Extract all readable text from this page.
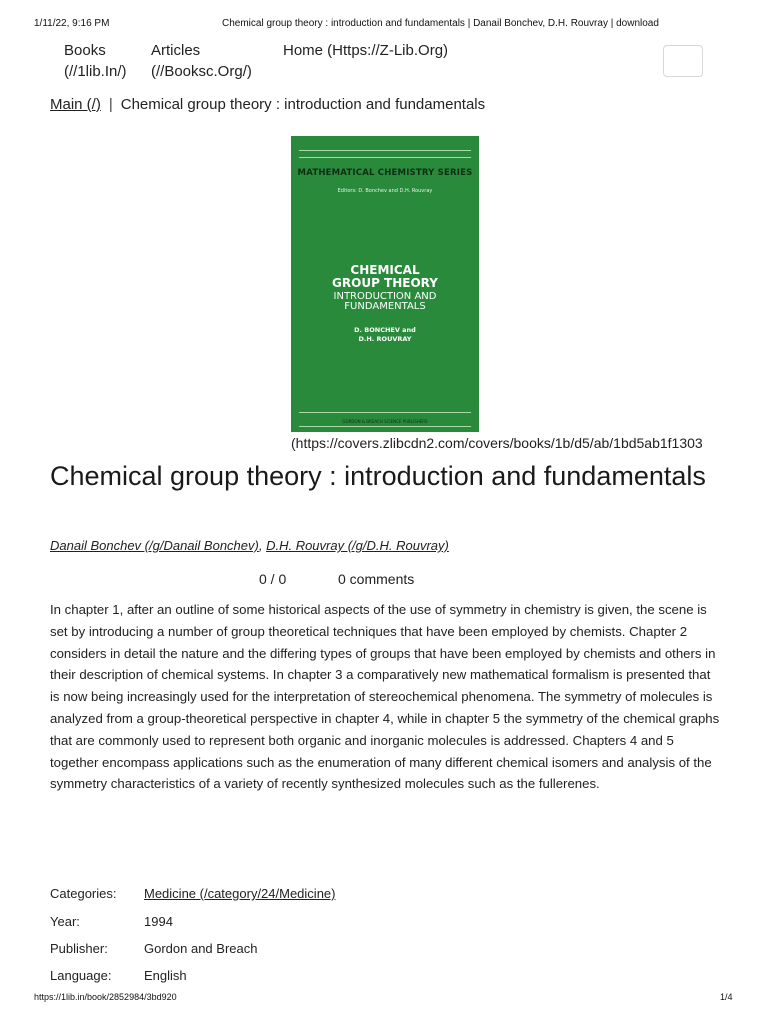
1/11/22, 9:16 PM	Chemical group theory : introduction and fundamentals | Danail Bonchev, D.H. Rouvray | download
Books
(//1lib.In/)
Articles
(//Booksc.Org/)
Home (Https://Z-Lib.Org)
Main (/) | Chemical group theory : introduction and fundamentals
MATHEMATICAL CHEMISTRY SERIES
Editors: D. Bonchev and D.H. Rouvray
CHEMICAL
GROUP THEORY
INTRODUCTION AND
FUNDAMENTALS
D. BONCHEV and
D.H. ROUVRAY
GORDON & BREACH SCIENCE PUBLISHERS
(https://covers.zlibcdn2.com/covers/books/1b/d5/ab/1bd5ab1f1303
Chemical group theory : introduction and fundamentals
Danail Bonchev (/g/Danail Bonchev), D.H. Rouvray (/g/D.H. Rouvray)
0 / 0	0 comments

In chapter 1, after an outline of some historical aspects of the use of symmetry in chemistry is given, the scene is set by introducing a number of group theoretical techniques that have been employed by chemists. Chapter 2 considers in detail the nature and the differing types of groups that have been employed by chemists and others in their description of chemical systems. In chapter 3 a comparatively new mathematical formalism is presented that is now being increasingly used for the interpretation of stereochemical phenomena. The symmetry of molecules is analyzed from a group-theoretical perspective in chapter 4, while in chapter 5 the symmetry of the chemical graphs that are commonly used to represent both organic and inorganic molecules is addressed. Chapters 4 and 5 together encompass applications such as the enumeration of many different chemical isomers and analysis of the symmetry characteristics of a variety of recently synthesized molecules such as the fullerenes.

Categories:	Medicine (/category/24/Medicine)
Year:	1994
Publisher:	Gordon and Breach
Language:	English
https://1lib.in/book/2852984/3bd920	1/4
